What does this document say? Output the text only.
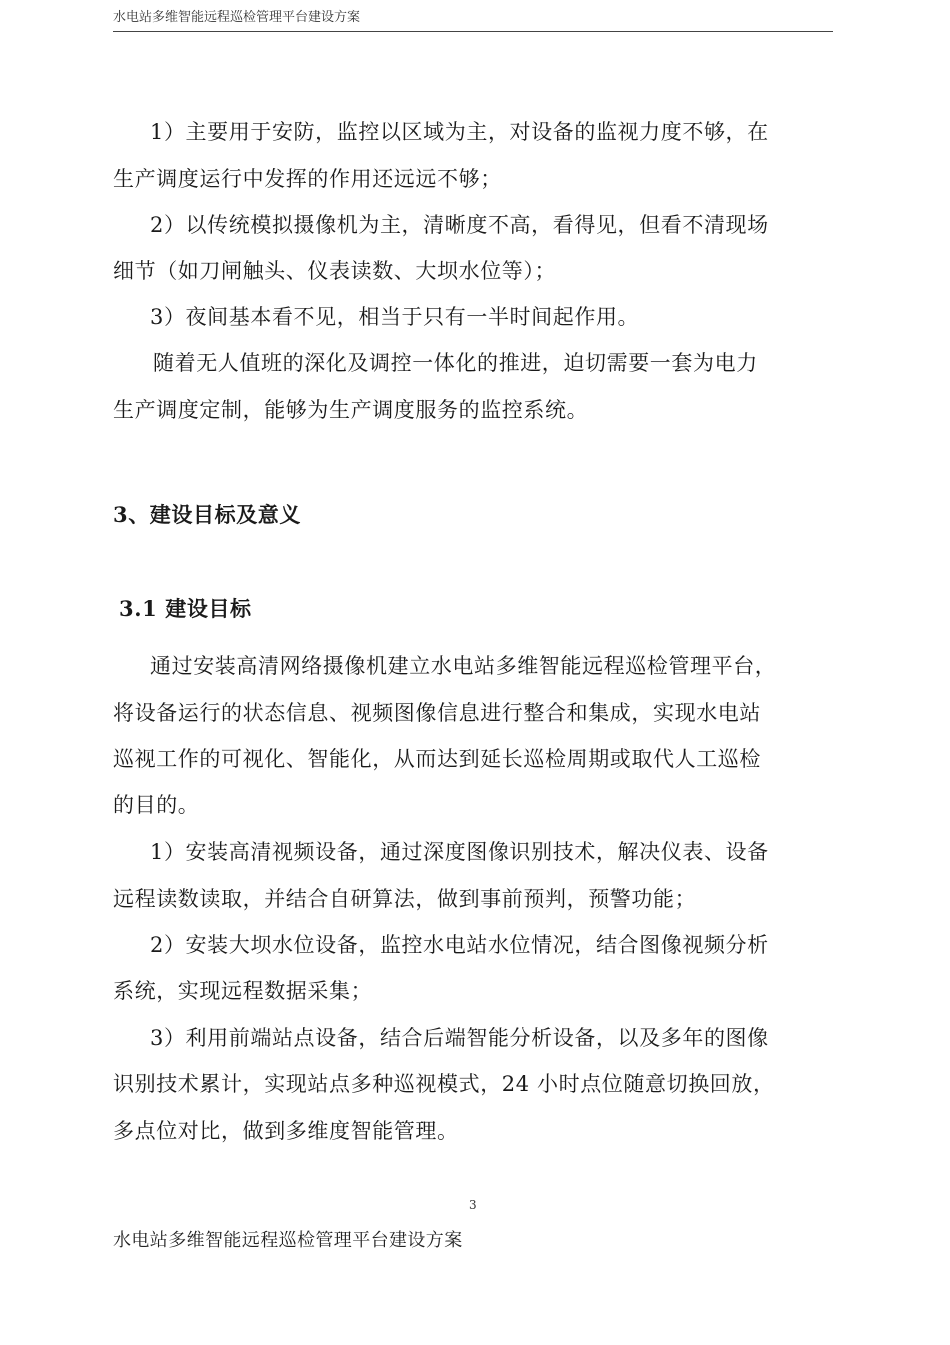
水电站多维智能远程巡检管理平台建设方案
1）主要用于安防，监控以区域为主，对设备的监视力度不够，在
生产调度运行中发挥的作用还远远不够；
2）以传统模拟摄像机为主，清晰度不高，看得见，但看不清现场
细节（如刀闸触头、仪表读数、大坝水位等）；
3）夜间基本看不见，相当于只有一半时间起作用。
随着无人值班的深化及调控一体化的推进，迫切需要一套为电力
生产调度定制，能够为生产调度服务的监控系统。
3、建设目标及意义
3.1 建设目标
通过安装高清网络摄像机建立水电站多维智能远程巡检管理平台，
将设备运行的状态信息、视频图像信息进行整合和集成，实现水电站
巡视工作的可视化、智能化，从而达到延长巡检周期或取代人工巡检
的目的。
1）安装高清视频设备，通过深度图像识别技术，解决仪表、设备
远程读数读取，并结合自研算法，做到事前预判，预警功能；
2）安装大坝水位设备，监控水电站水位情况，结合图像视频分析
系统，实现远程数据采集；
3）利用前端站点设备，结合后端智能分析设备，以及多年的图像
识别技术累计，实现站点多种巡视模式，24 小时点位随意切换回放，
多点位对比，做到多维度智能管理。
3
水电站多维智能远程巡检管理平台建设方案
